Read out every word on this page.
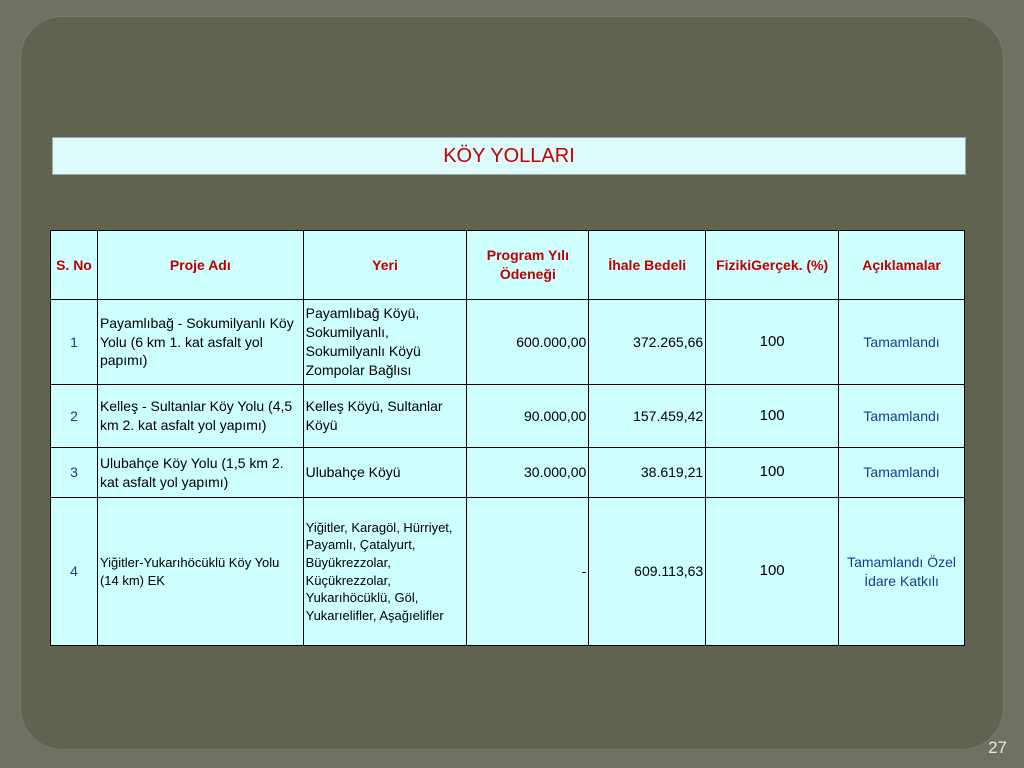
KÖY YOLLARI
S. No	Proje Adı	Yeri	Program Yılı Ödeneği	İhale Bedeli	FizikiGerçek. (%)	Açıklamalar
1	Payamlıbağ - Sokumilyanlı Köy Yolu (6 km 1. kat asfalt yol papımı)	Payamlıbağ Köyü, Sokumilyanlı, Sokumilyanlı Köyü Zompolar Bağlısı	600.000,00	372.265,66	100	Tamamlandı
2	Kelleş - Sultanlar Köy Yolu (4,5 km 2. kat asfalt yol yapımı)	Kelleş Köyü, Sultanlar Köyü	90.000,00	157.459,42	100	Tamamlandı
3	Ulubahçe Köy Yolu (1,5 km 2. kat asfalt yol yapımı)	Ulubahçe Köyü	30.000,00	38.619,21	100	Tamamlandı
4	Yiğitler-Yukarıhöcüklü Köy Yolu (14 km) EK	Yiğitler, Karagöl, Hürriyet, Payamlı, Çatalyurt, Büyükrezzolar, Küçükrezzolar, Yukarıhöcüklü, Göl, Yukarıelifler, Aşağıelifler	-	609.113,63	100	Tamamlandı Özel İdare Katkılı
27
